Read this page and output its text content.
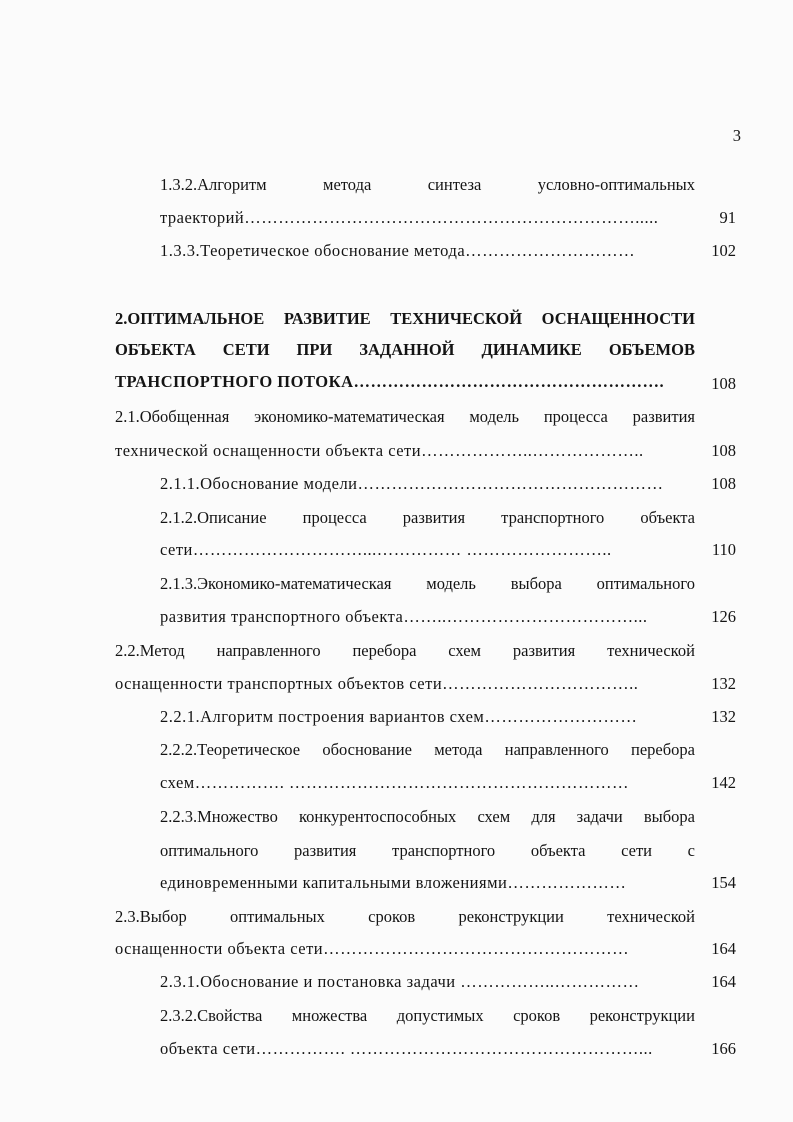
3
1.3.2.Алгоритм	метода	синтеза	условно-оптимальных
траекторий…………………………………………………………….....	91
1.3.3.Теоретическое обоснование метода…………………………	102
2.ОПТИМАЛЬНОЕ РАЗВИТИЕ ТЕХНИЧЕСКОЙ ОСНАЩЕННОСТИ
ОБЪЕКТА СЕТИ ПРИ ЗАДАННОЙ ДИНАМИКЕ ОБЪЕМОВ
ТРАНСПОРТНОГО ПОТОКА……………………………………………….	108
2.1.Обобщенная экономико-математическая модель процесса развития
технической оснащенности объекта сети………………..………………..	108
2.1.1.Обоснование модели………………………………………………	108
2.1.2.Описание процесса развития транспортного объекта
сети…………………………...…………… ……………………..	110
2.1.3.Экономико-математическая модель выбора оптимального
развития транспортного объекта……..……………………………...	126
2.2.Метод направленного перебора схем развития технической
оснащенности транспортных объектов сети……………………………..	132
2.2.1.Алгоритм построения вариантов схем………………………	132
2.2.2.Теоретическое обоснование метода направленного перебора
схем……………. ……………………………………………………	142
2.2.3.Множество конкурентоспособных схем для задачи выбора
оптимального развития транспортного объекта сети с
единовременными капитальными вложениями…………………	154
2.3.Выбор	оптимальных	сроков	реконструкции	технической
оснащенности объекта сети………………………………………………	164
2.3.1.Обоснование и постановка задачи ……………..……………	164
2.3.2.Свойства множества допустимых сроков реконструкции
объекта сети……………. ……………………………………………...	166
